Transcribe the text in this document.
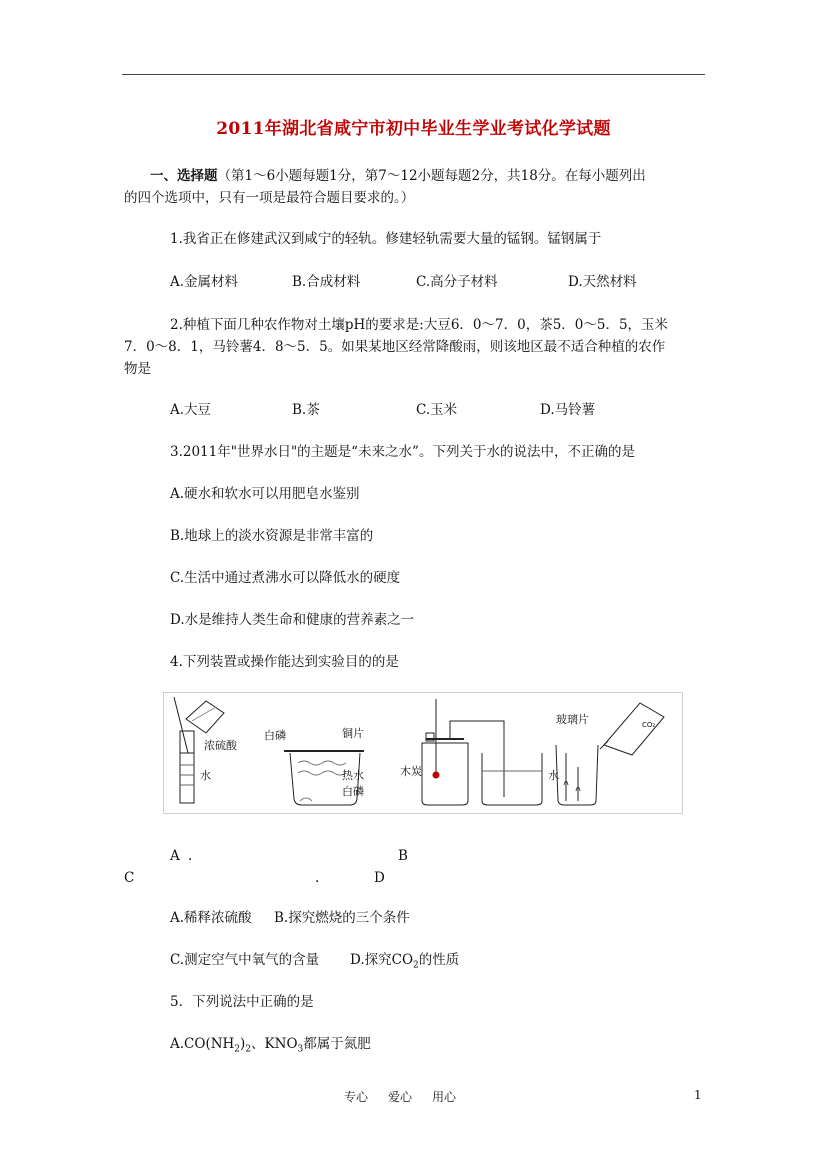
2011年湖北省咸宁市初中毕业生学业考试化学试题
一、选择题（第1～6小题每题1分，第7～12小题每题2分，共18分。在每小题列出
的四个选项中，只有一项是最符合题目要求的。）
1.我省正在修建武汉到咸宁的轻轨。修建轻轨需要大量的锰钢。锰钢属于
A.金属材料	B.合成材料	C.高分子材料	D.天然材料
2.种植下面几种农作物对土壤pH的要求是:大豆6．0～7．0，茶5．0～5．5，玉米
7．0～8．1，马铃薯4．8～5．5。如果某地区经常降酸雨，则该地区最不适合种植的农作
物是
A.大豆	B.茶	C.玉米	D.马铃薯
3.2011年"世界水日"的主题是“未来之水”。下列关于水的说法中，不正确的是
A.硬水和软水可以用肥皂水鉴别
B.地球上的淡水资源是非常丰富的
C.生活中通过煮沸水可以降低水的硬度
D.水是维持人类生命和健康的营养素之一
4.下列装置或操作能达到实验目的的是
浓硫酸
水
白磷	铜片
热水
白磷
木炭	水
玻璃片	CO₂
A .	B
C	.	D
A.稀释浓硫酸 B.探究燃烧的三个条件
C.测定空气中氧气的含量 D.探究$CO_2$的性质
5．下列说法中正确的是
$A.CO(NH_2)_2$、$KNO_3$都属于氮肥
专心 爱心 用心	1
